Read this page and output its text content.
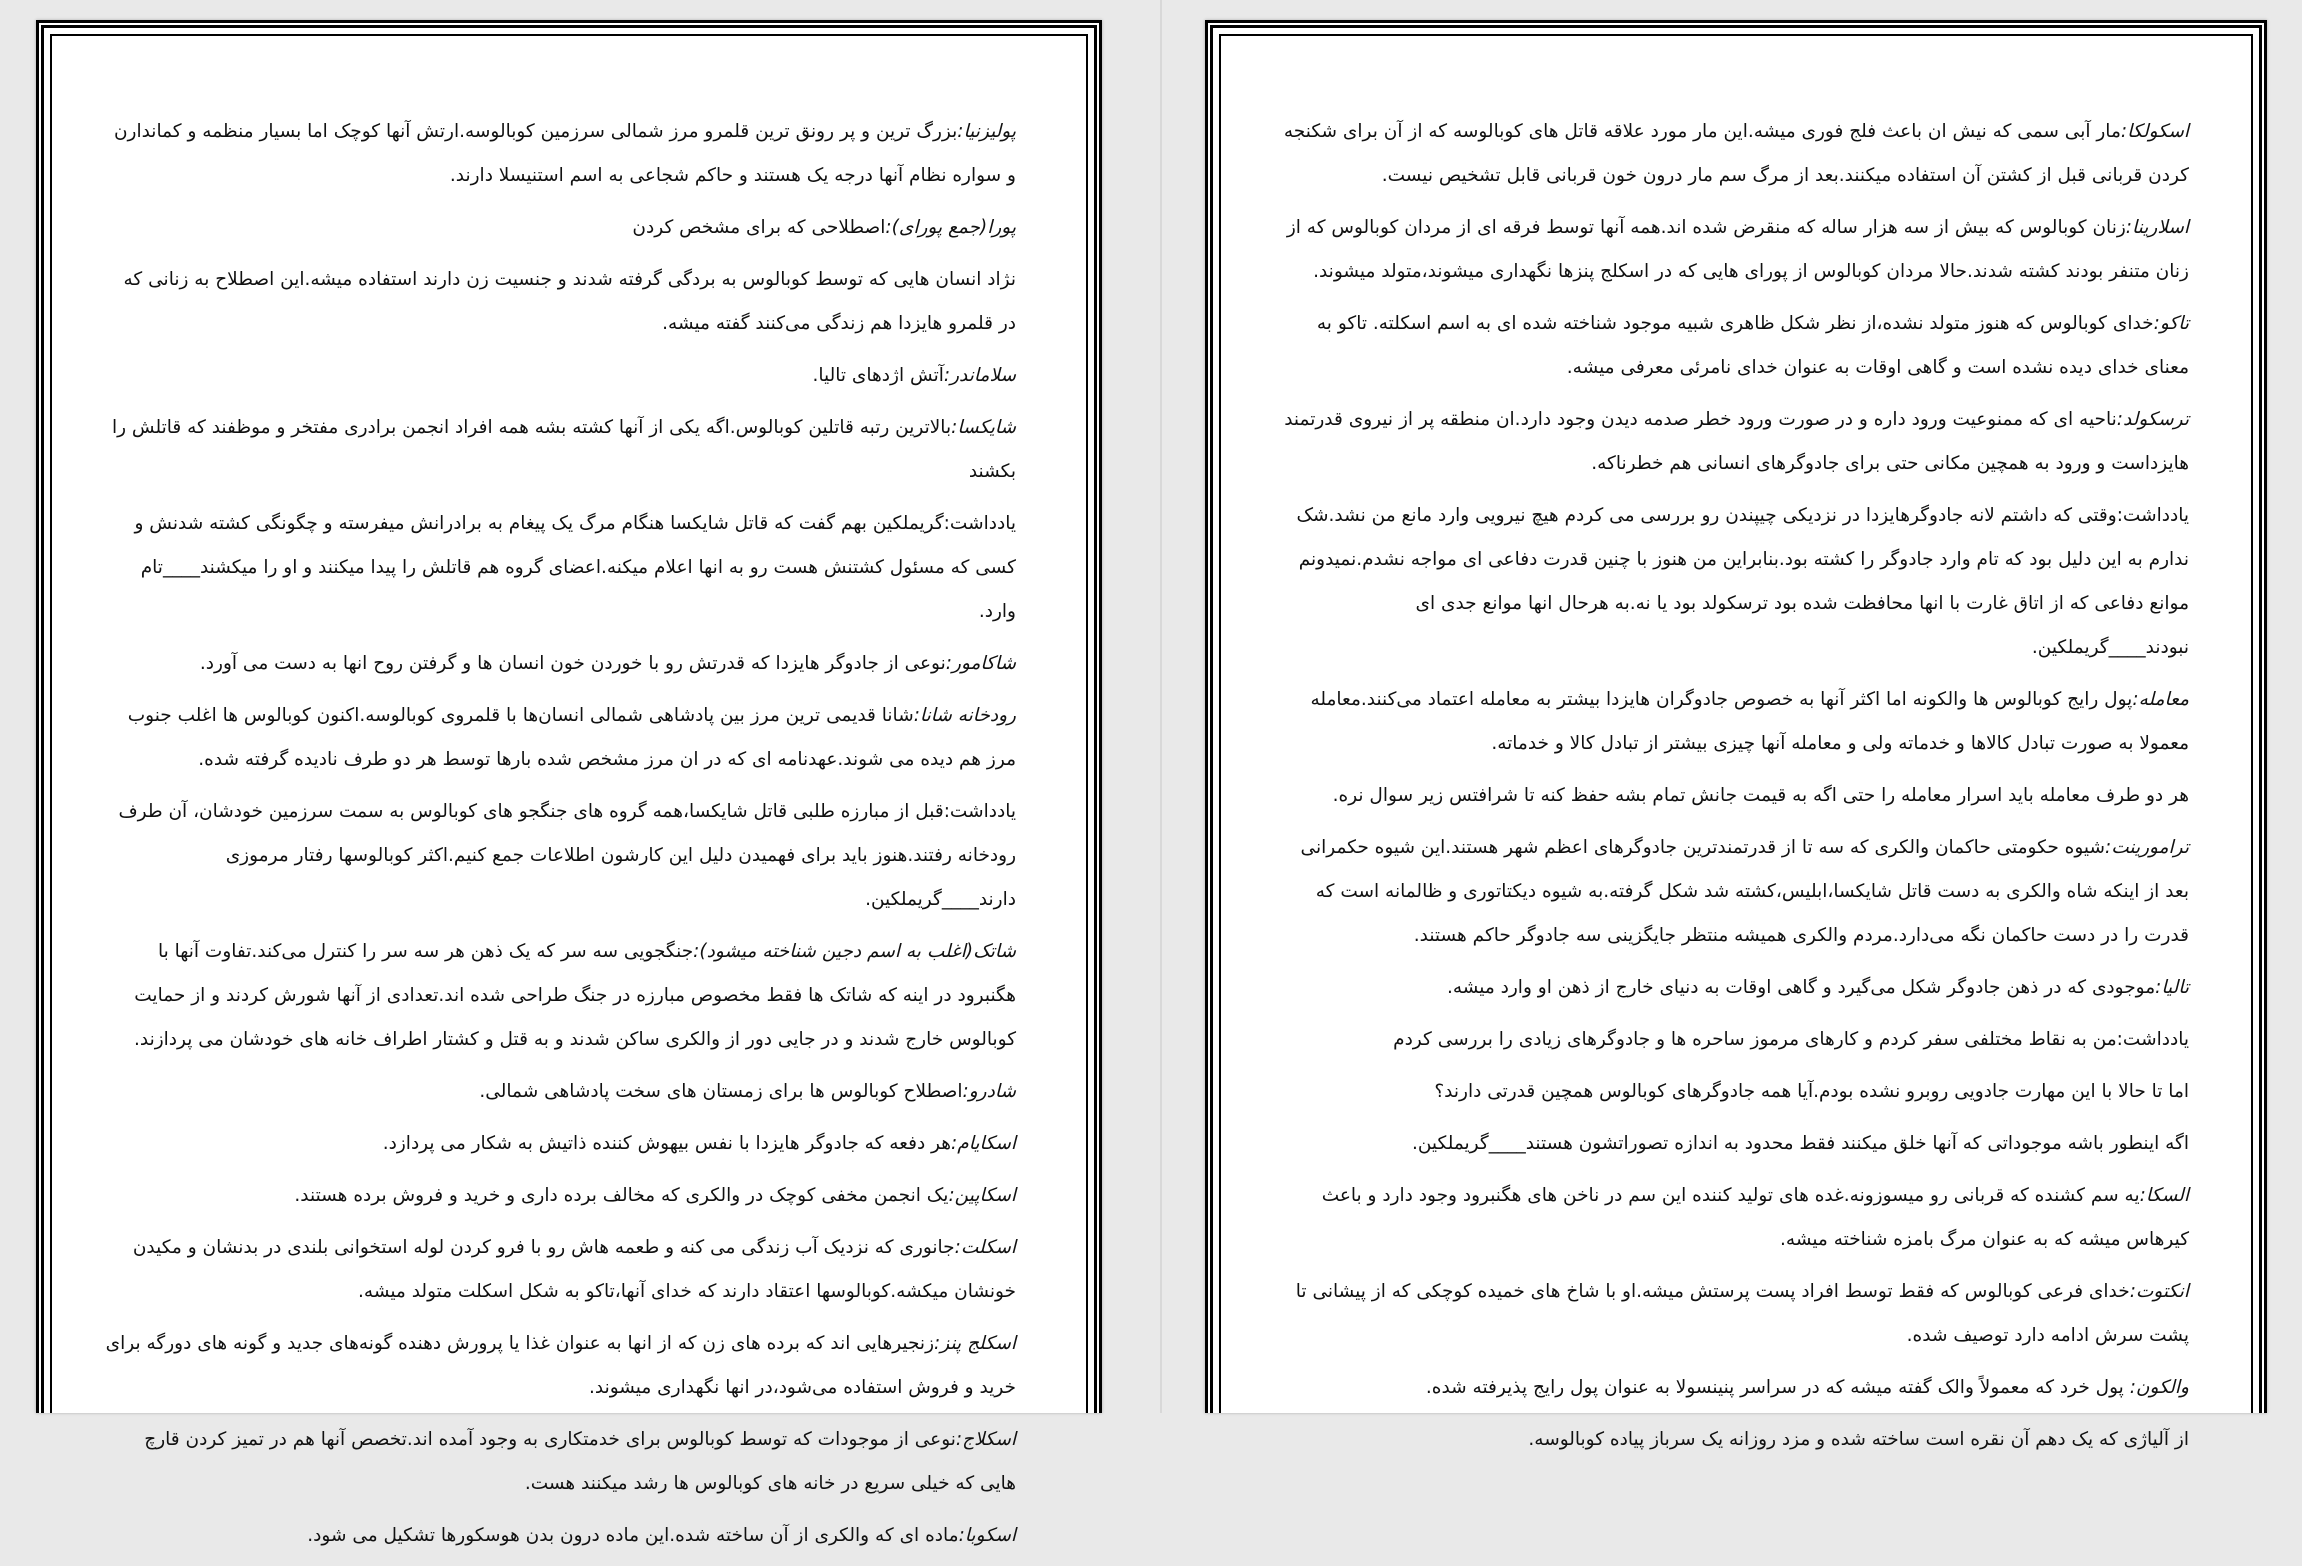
پولیزنیا:بزرگ ترین و پر رونق ترین قلمرو مرز شمالی سرزمین کوبالوسه.ارتش آنها کوچک اما بسیار منظمه و کماندارن و سواره نظام آنها درجه یک هستند و حاکم شجاعی به اسم استنیسلا دارند.

پورا(جمع پورای):اصطلاحی که برای مشخص کردن

نژاد انسان هایی که توسط کوبالوس به بردگی گرفته شدند و جنسیت زن دارند استفاده میشه.این اصطلاح به زنانی که در قلمرو هایزدا هم زندگی می‌کنند گفته میشه.

سلاماندر:آتش اژدهای تالیا.

شایکسا:بالاترین رتبه قاتلین کوبالوس.اگه یکی از آنها کشته بشه همه افراد انجمن برادری مفتخر و موظفند که قاتلش را بکشند

یادداشت:گریملکین بهم گفت که قاتل شایکسا هنگام مرگ یک پیغام به برادرانش میفرسته و چگونگی کشته شدنش و کسی که مسئول کشتنش هست رو به انها اعلام میکنه.اعضای گروه هم قاتلش را پیدا میکنند و او را میکشند____تام وارد.

شاکامور:نوعی از جادوگر هایزدا که قدرتش رو با خوردن خون انسان ها و گرفتن روح انها به دست می آورد.

رودخانه شانا:شانا قدیمی ترین مرز بین پادشاهی شمالی انسان‌ها با قلمروی کوبالوسه.اکنون کوبالوس ها اغلب جنوب مرز هم دیده می شوند.عهدنامه ای که در ان مرز مشخص شده بارها توسط هر دو طرف نادیده گرفته شده.

یادداشت:قبل از مبارزه طلبی قاتل شایکسا،همه گروه های جنگجو های کوبالوس به سمت سرزمین خودشان، آن طرف رودخانه رفتند.هنوز باید برای فهمیدن دلیل این کارشون اطلاعات جمع کنیم.اکثر کوبالوسها رفتار مرموزی دارند____گریملکین.

شاتک(اغلب به اسم دجین شناخته میشود):جنگجویی سه سر که یک ذهن هر سه سر را کنترل می‌کند.تفاوت آنها با هگنبرود در اینه که شاتک ها فقط مخصوص مبارزه در جنگ طراحی شده اند.تعدادی از آنها شورش کردند و از حمایت کوبالوس خارج شدند و در جایی دور از والکری ساکن شدند و به قتل و کشتار اطراف خانه های خودشان می پردازند.

شادرو:اصطلاح کوبالوس ها برای زمستان های سخت پادشاهی شمالی.

اسکایام:هر دفعه که جادوگر هایزدا با نفس بیهوش کننده ذاتیش به شکار می پردازد.

اسکاپین:یک انجمن مخفی کوچک در والکری که مخالف برده داری و خرید و فروش برده هستند.

اسکلت:جانوری که نزدیک آب زندگی می کنه و طعمه هاش رو با فرو کردن لوله استخوانی بلندی در بدنشان و مکیدن خونشان میکشه.کوبالوسها اعتقاد دارند که خدای آنها،تاکو به شکل اسکلت متولد میشه.

اسکلج پنز:زنجیرهایی اند که برده های زن که از انها به عنوان غذا یا پرورش دهنده گونه‌های جدید و گونه های دورگه برای خرید و فروش استفاده می‌شود،در انها نگهداری میشوند.

اسکلاج:نوعی از موجودات که توسط کوبالوس برای خدمتکاری به وجود آمده اند.تخصص آنها هم در تمیز کردن قارچ هایی که خیلی سریع در خانه های کوبالوس ها رشد میکنند هست.

اسکوبا:ماده ای که والکری از آن ساخته شده.این ماده درون بدن هوسکورها تشکیل می شود.

اسکولکا:مار آبی سمی که نیش ان باعث فلج فوری میشه.این مار مورد علاقه قاتل های کوبالوسه که از آن برای شکنجه کردن قربانی قبل از کشتن آن استفاده میکنند.بعد از مرگ سم مار درون خون قربانی قابل تشخیص نیست.

اسلارینا:زنان کوبالوس که بیش از سه هزار ساله که منقرض شده اند.همه آنها توسط فرقه ای از مردان کوبالوس که از زنان متنفر بودند کشته شدند.حالا مردان کوبالوس از پورای هایی که در اسکلج پنزها نگهداری میشوند،متولد میشوند.

تاکو:خدای کوبالوس که هنوز متولد نشده،از نظر شکل ظاهری شبیه موجود شناخته شده ای به اسم اسکلته. تاکو به معنای خدای دیده نشده است و گاهی اوقات به عنوان خدای نامرئی معرفی میشه.

ترسکولد:ناحیه ای که ممنوعیت ورود داره و در صورت ورود خطر صدمه دیدن وجود دارد.ان منطقه پر از نیروی قدرتمند هایزداست و ورود به همچین مکانی حتی برای جادوگرهای انسانی هم خطرناکه.

یادداشت:وقتی که داشتم لانه جادوگرهایزدا در نزدیکی چیپندن رو بررسی می کردم هیچ نیرویی وارد مانع من نشد.شک ندارم به این دلیل بود که تام وارد جادوگر را کشته بود.بنابراین من هنوز با چنین قدرت دفاعی ای مواجه نشدم.نمیدونم موانع دفاعی که از اتاق غارت با انها محافظت شده بود ترسکولد بود یا نه.به هرحال انها موانع جدی ای نبودند____گریملکین.

معامله:پول رایج کوبالوس ها والکونه اما اکثر آنها به خصوص جادوگران هایزدا بیشتر به معامله اعتماد می‌کنند.معامله معمولا به صورت تبادل کالاها و خدماته ولی و معامله آنها چیزی بیشتر از تبادل کالا و خدماته.

هر دو طرف معامله باید اسرار معامله را حتی اگه به قیمت جانش تمام بشه حفظ کنه تا شرافتس زیر سوال نره.

ترامورینت:شیوه حکومتی حاکمان والکری که سه تا از قدرتمندترین جادوگرهای اعظم شهر هستند.این شیوه حکمرانی بعد از اینکه شاه والکری به دست قاتل شایکسا،ابلیس،کشته شد شکل گرفته.به شیوه دیکتاتوری و ظالمانه است که قدرت را در دست حاکمان نگه می‌دارد.مردم والکری همیشه منتظر جایگزینی سه جادوگر حاکم هستند.

تالیا:موجودی که در ذهن جادوگر شکل می‌گیرد و گاهی اوقات به دنیای خارج از ذهن او وارد میشه.

یادداشت:من به نقاط مختلفی سفر کردم و کارهای مرموز ساحره ها و جادوگرهای زیادی را بررسی کردم

اما تا حالا با این مهارت جادویی روبرو نشده بودم.آیا همه جادوگرهای کوبالوس همچین قدرتی دارند؟

اگه اینطور باشه موجوداتی که آنها خلق میکنند فقط محدود به اندازه تصوراتشون هستند____گریملکین.

السکا:یه سم کشنده که قربانی رو میسوزونه.غده های تولید کننده این سم در ناخن های هگنبرود وجود دارد و باعث کیرهاس میشه که به عنوان مرگ بامزه شناخته میشه.

انکتوت:خدای فرعی کوبالوس که فقط توسط افراد پست پرستش میشه.او با شاخ های خمیده کوچکی که از پیشانی تا پشت سرش ادامه دارد توصیف شده.

والکون: پول خرد که معمولاً والک گفته میشه که در سراسر پنینسولا به عنوان پول رایج پذیرفته شده.

از آلیاژی که یک دهم آن نقره است ساخته شده و مزد روزانه یک سرباز پیاده کوبالوسه.
